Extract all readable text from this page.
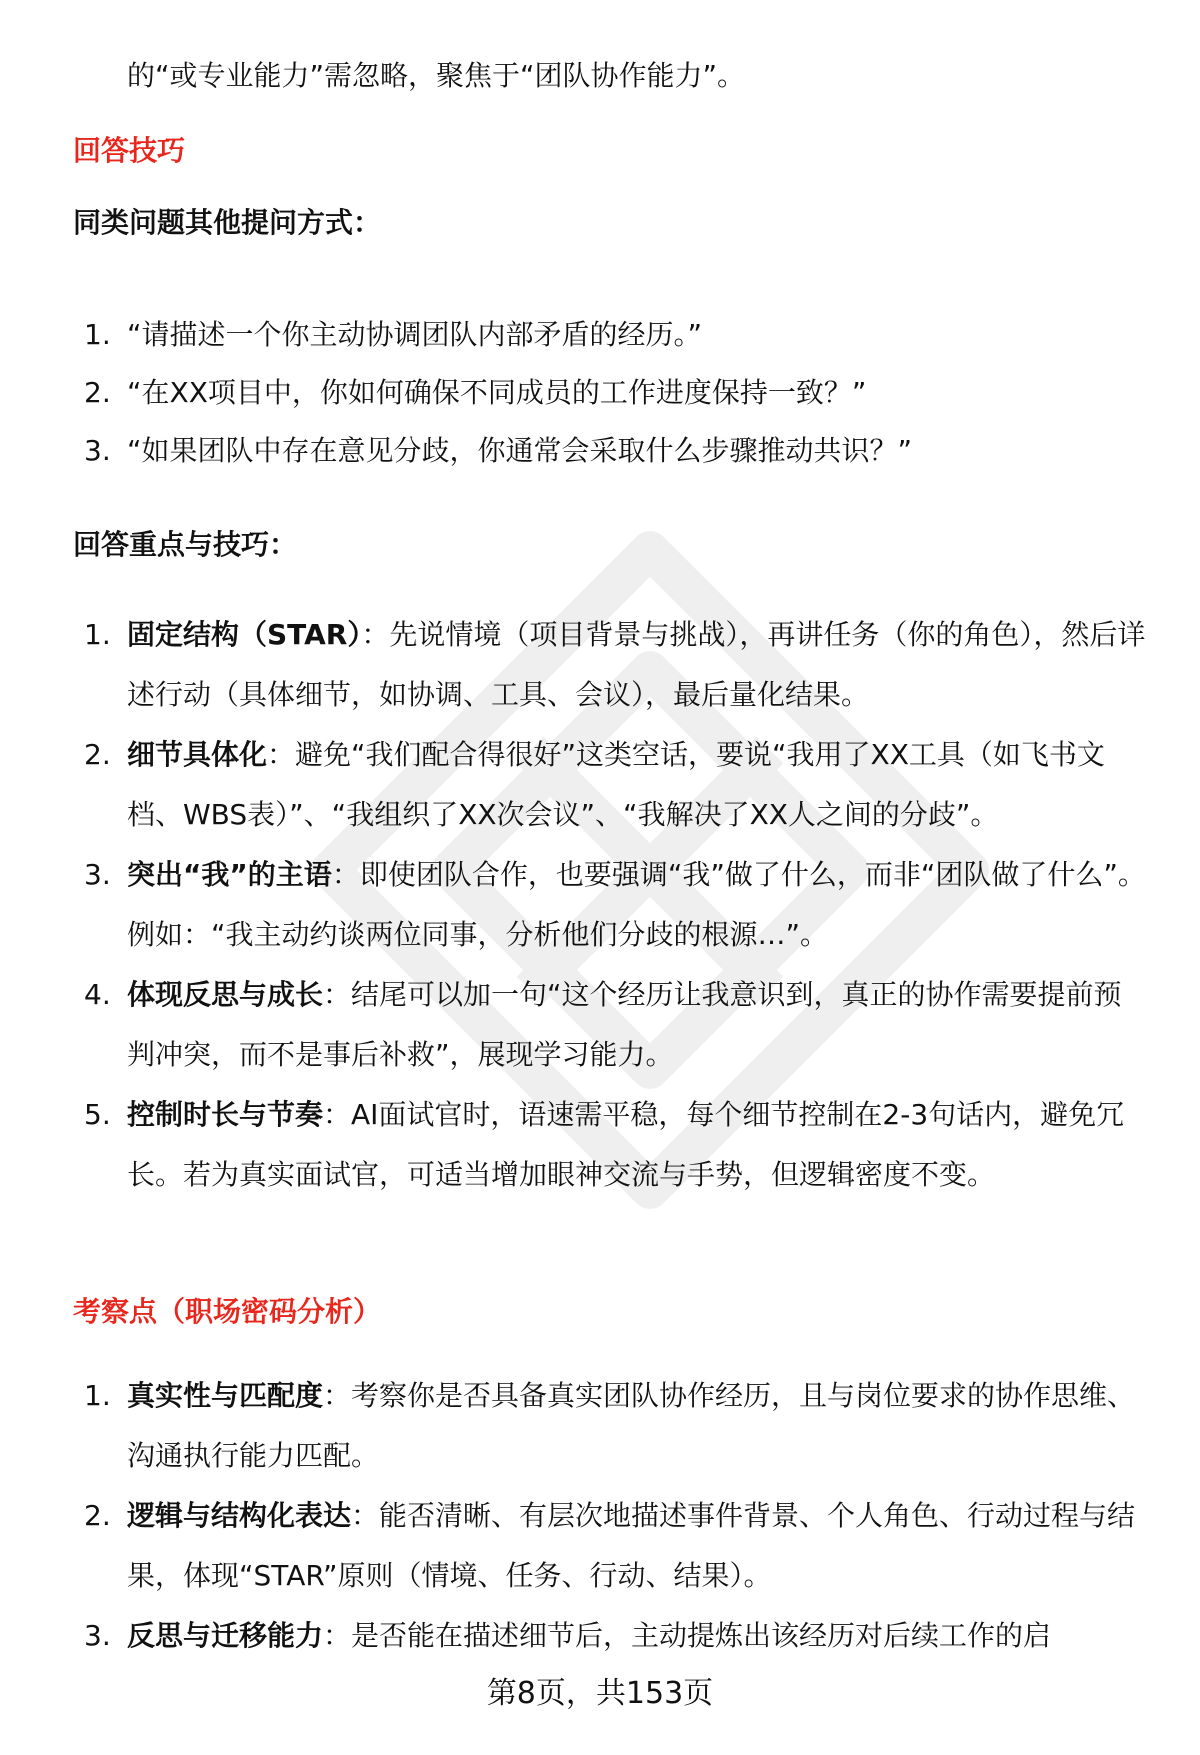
的“或专业能力”需忽略，聚焦于“团队协作能力”。
回答技巧
同类问题其他提问方式：
1. “请描述一个你主动协调团队内部矛盾的经历。”
2. “在XX项目中，你如何确保不同成员的工作进度保持一致？”
3. “如果团队中存在意见分歧，你通常会采取什么步骤推动共识？”
回答重点与技巧：
1. 固定结构（STAR）：先说情境（项目背景与挑战），再讲任务（你的角色），然后详述行动（具体细节，如协调、工具、会议），最后量化结果。
2. 细节具体化：避免“我们配合得很好”这类空话，要说“我用了XX工具（如飞书文档、WBS表）”、“我组织了XX次会议”、“我解决了XX人之间的分歧”。
3. 突出“我”的主语：即使团队合作，也要强调“我”做了什么，而非“团队做了什么”。例如：“我主动约谈两位同事，分析他们分歧的根源…”。
4. 体现反思与成长：结尾可以加一句“这个经历让我意识到，真正的协作需要提前预判冲突，而不是事后补救”，展现学习能力。
5. 控制时长与节奏：AI面试官时，语速需平稳，每个细节控制在2-3句话内，避免冗长。若为真实面试官，可适当增加眼神交流与手势，但逻辑密度不变。
考察点（职场密码分析）
1. 真实性与匹配度：考察你是否具备真实团队协作经历，且与岗位要求的协作思维、沟通执行能力匹配。
2. 逻辑与结构化表达：能否清晰、有层次地描述事件背景、个人角色、行动过程与结果，体现“STAR”原则（情境、任务、行动、结果）。
3. 反思与迁移能力：是否能在描述细节后，主动提炼出该经历对后续工作的启
第8页，共153页
